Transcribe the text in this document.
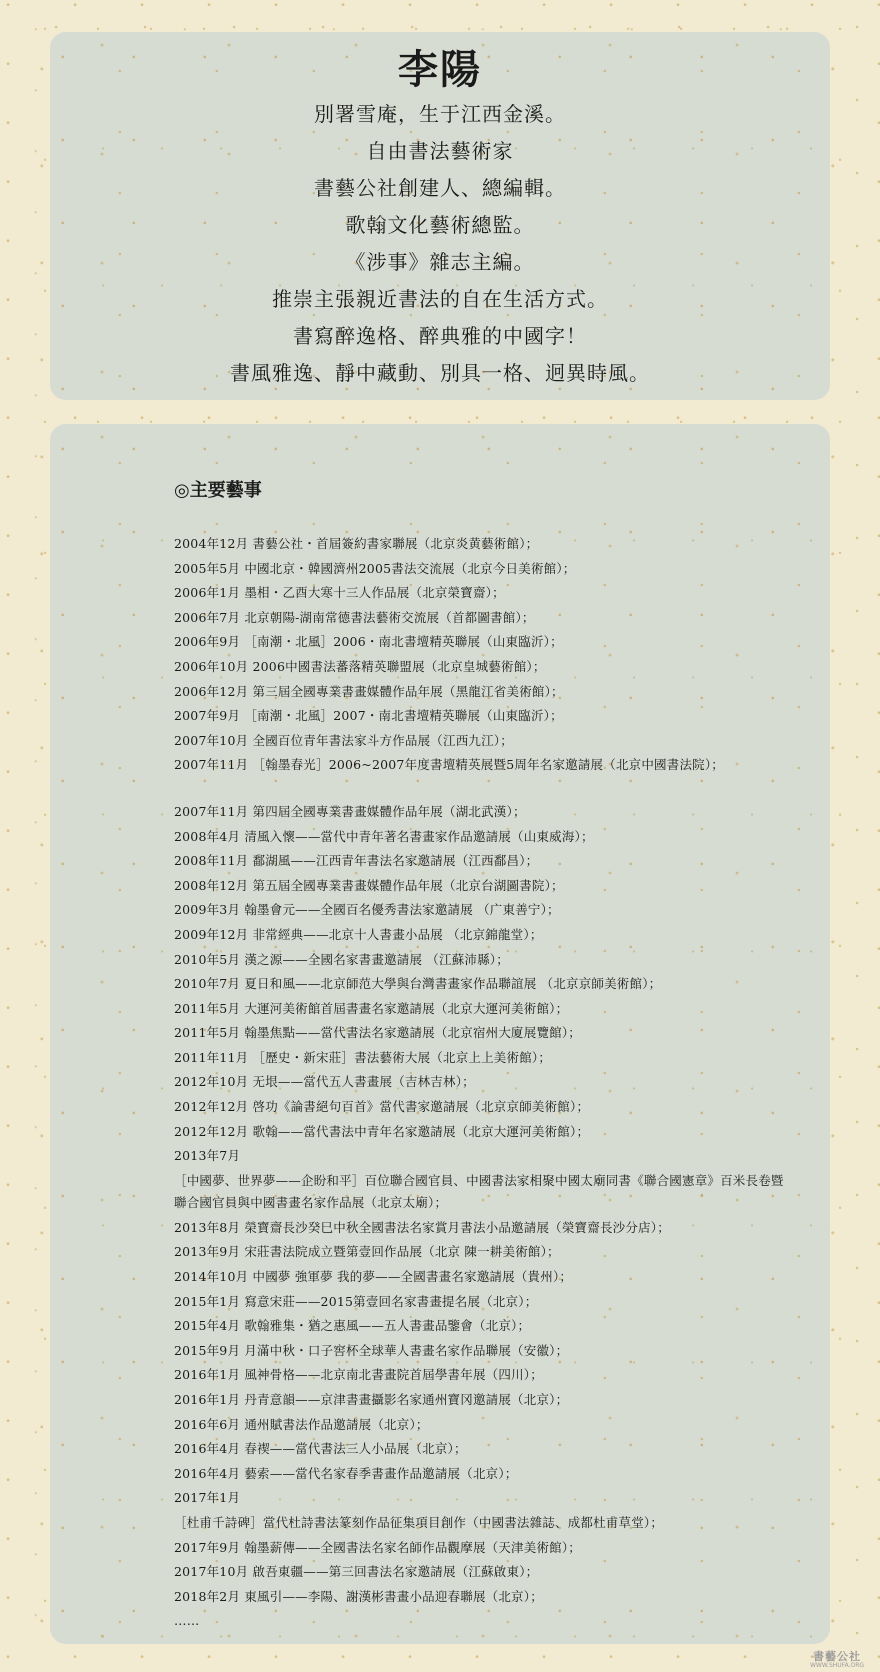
李陽
別署雪庵，生于江西金溪。
自由書法藝術家
書藝公社創建人、總編輯。
歌翰文化藝術總監。
《涉事》雜志主編。
推崇主張親近書法的自在生活方式。
書寫醉逸格、醉典雅的中國字！
書風雅逸、靜中藏動、別具一格、迥異時風。
◎主要藝事
2004年12月 書藝公社・首屆簽約書家聯展（北京炎黄藝術館）；
2005年5月 中國北京・韓國濟州2005書法交流展（北京今日美術館）；
2006年1月 墨相・乙酉大寒十三人作品展（北京榮寶齋）；
2006年7月 北京朝陽-湖南常德書法藝術交流展（首都圖書館）；
2006年9月 ［南潮・北風］2006・南北書壇精英聯展（山東臨沂）；
2006年10月 2006中國書法蕃落精英聯盟展（北京皇城藝術館）；
2006年12月 第三屆全國專業書畫媒體作品年展（黑龍江省美術館）；
2007年9月 ［南潮・北風］2007・南北書壇精英聯展（山東臨沂）；
2007年10月 全國百位青年書法家斗方作品展（江西九江）；
2007年11月 ［翰墨春光］2006~2007年度書壇精英展暨5周年名家邀請展（北京中國書法院）；
2007年11月 第四屆全國專業書畫媒體作品年展（湖北武漢）；
2008年4月 清風入懷——當代中青年著名書畫家作品邀請展（山東威海）；
2008年11月 鄱湖風——江西青年書法名家邀請展（江西鄱昌）；
2008年12月 第五屆全國專業書畫媒體作品年展（北京台湖圖書院）；
2009年3月 翰墨會元——全國百名優秀書法家邀請展 （广東善宁）；
2009年12月 非常經典——北京十人書畫小品展 （北京錦龍堂）；
2010年5月 漢之源——全國名家書畫邀請展 （江蘇沛縣）；
2010年7月 夏日和風——北京師范大學與台灣書畫家作品聯誼展 （北京京師美術館）；
2011年5月 大運河美術館首屆書畫名家邀請展（北京大運河美術館）；
2011年5月 翰墨焦點——當代書法名家邀請展（北京宿州大廈展覽館）；
2011年11月 ［歷史・新宋莊］書法藝術大展（北京上上美術館）；
2012年10月 无垠——當代五人書畫展（吉林吉林）；
2012年12月 啓功《論書絕句百首》當代書家邀請展（北京京師美術館）；
2012年12月 歌翰——當代書法中青年名家邀請展（北京大運河美術館）；
2013年7月
［中國夢、世界夢——企盼和平］百位聯合國官員、中國書法家相聚中國太廟同書《聯合國憲章》百米長卷暨聯合國官員與中國書畫名家作品展（北京太廟）；
2013年8月 榮寶齋長沙癸巳中秋全國書法名家賞月書法小品邀請展（榮寶齋長沙分店）；
2013年9月 宋莊書法院成立暨第壹回作品展（北京 陳一耕美術館）；
2014年10月 中國夢 強軍夢 我的夢——全國書畫名家邀請展（貴州）；
2015年1月 寫意宋莊——2015第壹回名家書畫提名展（北京）；
2015年4月 歌翰雅集・猶之惠風——五人書畫品鑒會（北京）；
2015年9月 月滿中秋・口子窖杯全球華人書畫名家作品聯展（安徽）；
2016年1月 風神骨格——北京南北書畫院首屆學書年展（四川）；
2016年1月 丹青意韻——京津書畫攝影名家通州寶冈邀請展（北京）；
2016年6月 通州賦書法作品邀請展（北京）；
2016年4月 春禊——當代書法三人小品展（北京）；
2016年4月 藝索——當代名家春季書畫作品邀請展（北京）；
2017年1月
［杜甫千詩碑］當代杜詩書法篆刻作品征集項目創作（中國書法雜誌、成都杜甫草堂）；
2017年9月 翰墨薪傳——全國書法名家名師作品觀摩展（天津美術館）；
2017年10月 啟吾東疆——第三回書法名家邀請展（江蘇啟東）；
2018年2月 東風引——李陽、謝漢彬書畫小品迎春聯展（北京）；
……
書藝公社
WWW.SHUFA.ORG
